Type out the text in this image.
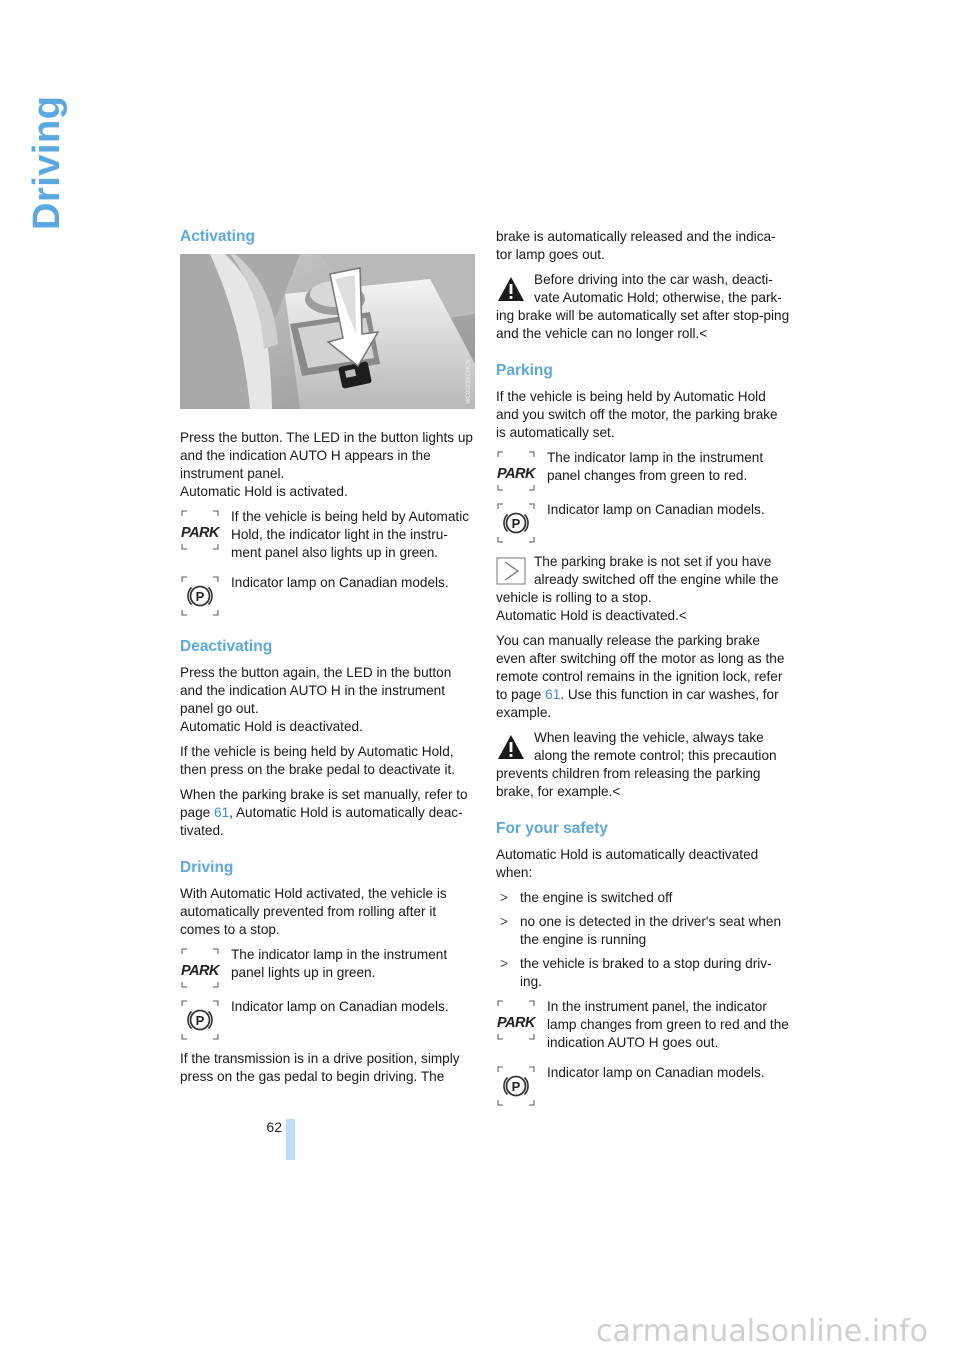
Driving
Activating
WC0023XCHCN

Press the button. The LED in the button lights up and the indication AUTO H appears in the instrument panel.

Automatic Hold is activated.

If the vehicle is being held by Automatic Hold, the indicator light in the instru-ment panel also lights up in green.
Indicator lamp on Canadian models.
Deactivating

Press the button again, the LED in the button and the indication AUTO H in the instrument panel go out.

Automatic Hold is deactivated.

If the vehicle is being held by Automatic Hold, then press on the brake pedal to deactivate it.

When the parking brake is set manually, refer to page 61, Automatic Hold is automatically deac-tivated.

Driving

With Automatic Hold activated, the vehicle is automatically prevented from rolling after it comes to a stop.

The indicator lamp in the instrument panel lights up in green.
Indicator lamp on Canadian models.

If the transmission is in a drive position, simply press on the gas pedal to begin driving. The

brake is automatically released and the indica-tor lamp goes out.

Before driving into the car wash, deacti-vate Automatic Hold; otherwise, the park-
ing brake will be automatically set after stop-ping and the vehicle can no longer roll.<
Parking

If the vehicle is being held by Automatic Hold and you switch off the motor, the parking brake is automatically set.

The indicator lamp in the instrument panel changes from green to red.
Indicator lamp on Canadian models.
The parking brake is not set if you have already switched off the engine while the
vehicle is rolling to a stop.
Automatic Hold is deactivated.<

You can manually release the parking brake even after switching off the motor as long as the remote control remains in the ignition lock, refer to page 61. Use this function in car washes, for example.

When leaving the vehicle, always take along the remote control; this precaution
prevents children from releasing the parking brake, for example.<
For your safety

Automatic Hold is automatically deactivated when:

> the engine is switched off
> no one is detected in the driver's seat when the engine is running
> the vehicle is braked to a stop during driv-ing.
In the instrument panel, the indicator lamp changes from green to red and the indication AUTO H goes out.
Indicator lamp on Canadian models.
62
carmanualsonline.info
